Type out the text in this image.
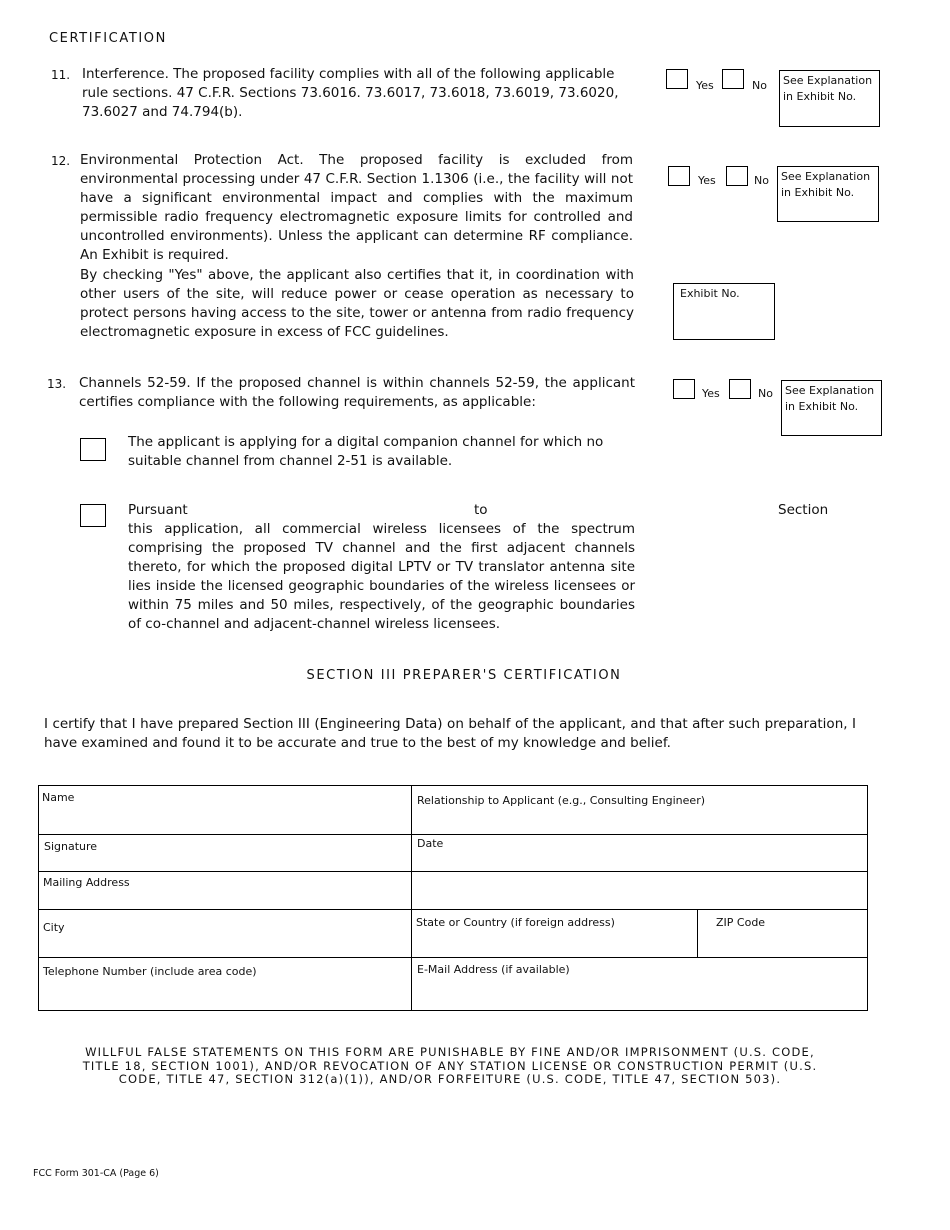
CERTIFICATION
11. Interference. The proposed facility complies with all of the following applicable rule sections. 47 C.F.R. Sections 73.6016. 73.6017, 73.6018, 73.6019, 73.6020, 73.6027 and 74.794(b).
Yes	No	See Explanation in Exhibit No.
12. Environmental Protection Act. The proposed facility is excluded from environmental processing under 47 C.F.R. Section 1.1306 (i.e., the facility will not have a significant environmental impact and complies with the maximum permissible radio frequency electromagnetic exposure limits for controlled and uncontrolled environments). Unless the applicant can determine RF compliance. An Exhibit is required.
By checking "Yes" above, the applicant also certifies that it, in coordination with other users of the site, will reduce power or cease operation as necessary to protect persons having access to the site, tower or antenna from radio frequency electromagnetic exposure in excess of FCC guidelines.
Yes	No	See Explanation in Exhibit No.
Exhibit No.
13. Channels 52-59. If the proposed channel is within channels 52-59, the applicant certifies compliance with the following requirements, as applicable:
Yes	No	See Explanation in Exhibit No.
The applicant is applying for a digital companion channel for which no suitable channel from channel 2-51 is available.
Pursuant	to	Section
this application, all commercial wireless licensees of the spectrum comprising the proposed TV channel and the first adjacent channels thereto, for which the proposed digital LPTV or TV translator antenna site lies inside the licensed geographic boundaries of the wireless licensees or within 75 miles and 50 miles, respectively, of the geographic boundaries of co-channel and adjacent-channel wireless licensees.
SECTION III PREPARER'S CERTIFICATION
I certify that I have prepared Section III (Engineering Data) on behalf of the applicant, and that after such preparation, I have examined and found it to be accurate and true to the best of my knowledge and belief.
Name	Relationship to Applicant (e.g., Consulting Engineer)
Signature	Date
Mailing Address
City	State or Country (if foreign address)	ZIP Code
Telephone Number (include area code)	E-Mail Address (if available)
WILLFUL FALSE STATEMENTS ON THIS FORM ARE PUNISHABLE BY FINE AND/OR IMPRISONMENT (U.S. CODE,
TITLE 18, SECTION 1001), AND/OR REVOCATION OF ANY STATION LICENSE OR CONSTRUCTION PERMIT (U.S.
CODE, TITLE 47, SECTION 312(a)(1)), AND/OR FORFEITURE (U.S. CODE, TITLE 47, SECTION 503).
FCC Form 301-CA (Page 6)
